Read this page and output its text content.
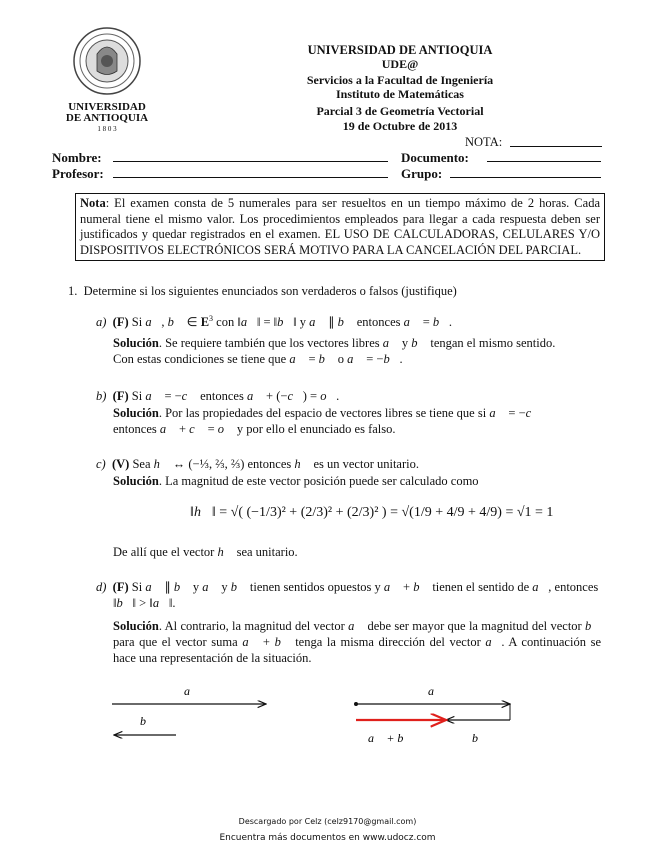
UNIVERSIDAD
DE ANTIOQUIA
1 8 0 3
UNIVERSIDAD DE ANTIOQUIA
UDE@
Servicios a la Facultad de Ingeniería
Instituto de Matemáticas
Parcial 3 de Geometría Vectorial
19 de Octubre de 2013
NOTA:
Nombre:	Documento:
Profesor:	Grupo:
Nota: El examen consta de 5 numerales para ser resueltos en un tiempo máximo de 2 horas. Cada numeral tiene el mismo valor. Los procedimientos empleados para llegar a cada respuesta deben ser justificados y quedar registrados en el examen. EL USO DE CALCULADORAS, CELULARES Y/O DISPOSITIVOS ELECTRÓNICOS SERÁ MOTIVO PARA LA CANCELACIÓN DEL PARCIAL.
1. Determine si los siguientes enunciados son verdaderos o falsos (justifique)
a) (F) Si a⃗, b⃗ ∈ $E^3$ con ‖a⃗‖ = ‖b⃗‖ y a⃗ ∥ b⃗ entonces a⃗ = b⃗.
Solución. Se requiere también que los vectores libres a⃗ y b⃗ tengan el mismo sentido.
Con estas condiciones se tiene que a⃗ = b⃗ o a⃗ = −b⃗.
b) (F) Si a⃗ = −c⃗ entonces a⃗ + (−c⃗) = o⃗.
Solución. Por las propiedades del espacio de vectores libres se tiene que si a⃗ = −c⃗
entonces a⃗ + c⃗ = o⃗ y por ello el enunciado es falso.
c) (V) Sea h⃗ ↔ (−⅓, ⅔, ⅔) entonces h⃗ es un vector unitario.
Solución. La magnitud de este vector posición puede ser calculado como
‖h⃗‖ = √( (−1/3)² + (2/3)² + (2/3)² ) = √(1/9 + 4/9 + 4/9) = √1 = 1
De allí que el vector h⃗ sea unitario.
d) (F) Si a⃗ ∥ b⃗ y a⃗ y b⃗ tienen sentidos opuestos y a⃗ + b⃗ tienen el sentido de a⃗, entonces
‖b⃗‖ > ‖a⃗‖.
Solución. Al contrario, la magnitud del vector a⃗ debe ser mayor que la magnitud del vector b⃗ para que el vector suma a⃗ + b⃗ tenga la misma dirección del vector a⃗. A continuación se hace una representación de la situación.
a⃗
b⃗
a⃗
b⃗
a⃗ + b⃗
Descargado por Celz (celz9170@gmail.com)
Encuentra más documentos en www.udocz.com
